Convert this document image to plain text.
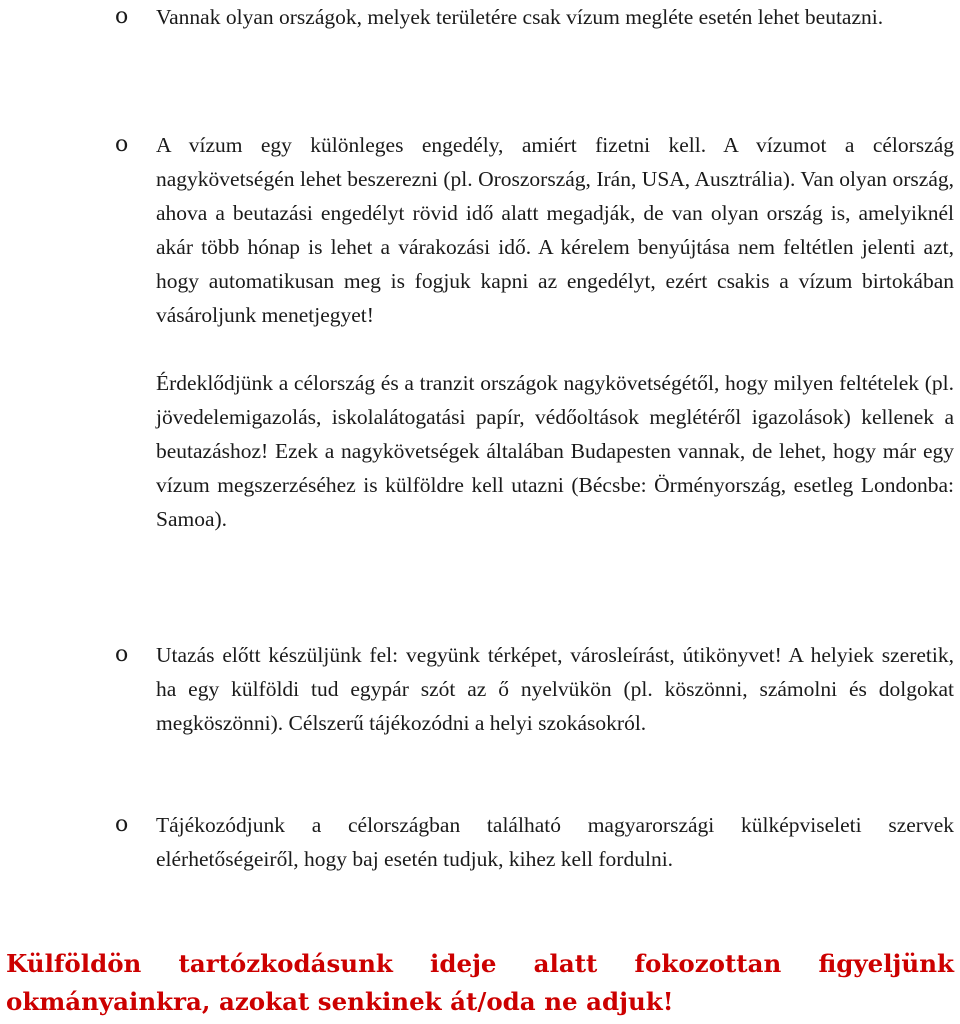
o Vannak olyan országok, melyek területére csak vízum megléte esetén lehet beutazni.
o A vízum egy különleges engedély, amiért fizetni kell. A vízumot a célország nagykövetségén lehet beszerezni (pl. Oroszország, Irán, USA, Ausztrália). Van olyan ország, ahova a beutazási engedélyt rövid idő alatt megadják, de van olyan ország is, amelyiknél akár több hónap is lehet a várakozási idő. A kérelem benyújtása nem feltétlen jelenti azt, hogy automatikusan meg is fogjuk kapni az engedélyt, ezért csakis a vízum birtokában vásároljunk menetjegyet!
Érdeklődjünk a célország és a tranzit országok nagykövetségétől, hogy milyen feltételek (pl. jövedelemigazolás, iskolalátogatási papír, védőoltások meglétéről igazolások) kellenek a beutazáshoz! Ezek a nagykövetségek általában Budapesten vannak, de lehet, hogy már egy vízum megszerzéséhez is külföldre kell utazni (Bécsbe: Örményország, esetleg Londonba: Samoa).
o Utazás előtt készüljünk fel: vegyünk térképet, városleírást, útikönyvet! A helyiek szeretik, ha egy külföldi tud egypár szót az ő nyelvükön (pl. köszönni, számolni és dolgokat megköszönni). Célszerű tájékozódni a helyi szokásokról.
o Tájékozódjunk a célországban található magyarországi külképviseleti szervek elérhetőségeiről, hogy baj esetén tudjuk, kihez kell fordulni.
Külföldön tartózkodásunk ideje alatt fokozottan figyeljünk okmányainkra, azokat senkinek át/oda ne adjuk!
